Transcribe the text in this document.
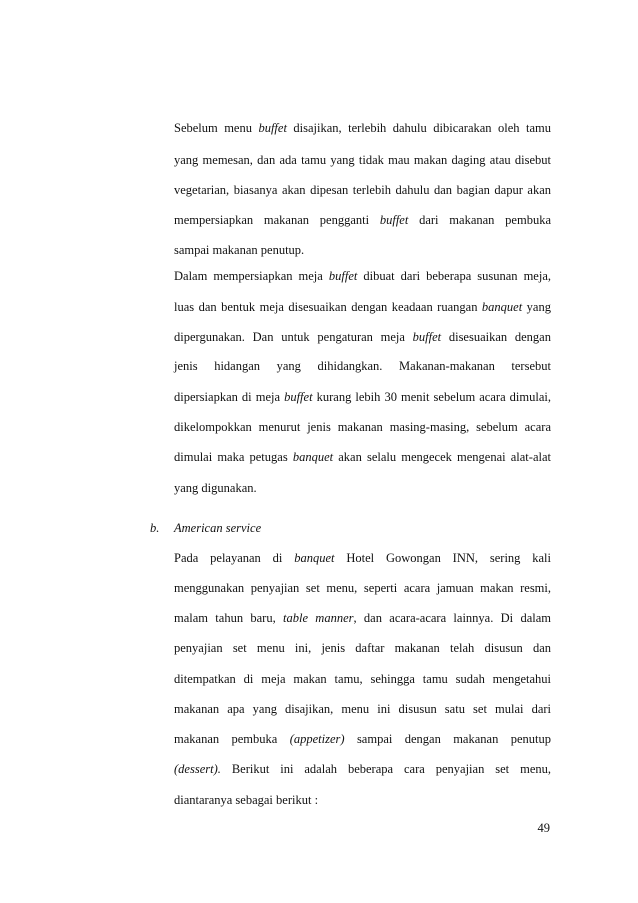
Sebelum menu buffet disajikan, terlebih dahulu dibicarakan oleh tamu
yang memesan, dan ada tamu yang tidak mau makan daging atau disebut
vegetarian, biasanya akan dipesan terlebih dahulu dan bagian dapur akan
mempersiapkan makanan pengganti buffet dari makanan pembuka
sampai makanan penutup.
Dalam mempersiapkan meja buffet dibuat dari beberapa susunan meja,
luas dan bentuk meja disesuaikan dengan keadaan ruangan banquet yang
dipergunakan. Dan untuk pengaturan meja buffet disesuaikan dengan
jenis hidangan yang dihidangkan. Makanan-makanan tersebut
dipersiapkan di meja buffet kurang lebih 30 menit sebelum acara dimulai,
dikelompokkan menurut jenis makanan masing-masing, sebelum acara
dimulai maka petugas banquet akan selalu mengecek mengenai alat-alat
yang digunakan.
b. American service
Pada pelayanan di banquet Hotel Gowongan INN, sering kali
menggunakan penyajian set menu, seperti acara jamuan makan resmi,
malam tahun baru, table manner, dan acara-acara lainnya. Di dalam
penyajian set menu ini, jenis daftar makanan telah disusun dan
ditempatkan di meja makan tamu, sehingga tamu sudah mengetahui
makanan apa yang disajikan, menu ini disusun satu set mulai dari
makanan pembuka (appetizer) sampai dengan makanan penutup
(dessert). Berikut ini adalah beberapa cara penyajian set menu,
diantaranya sebagai berikut :
49
